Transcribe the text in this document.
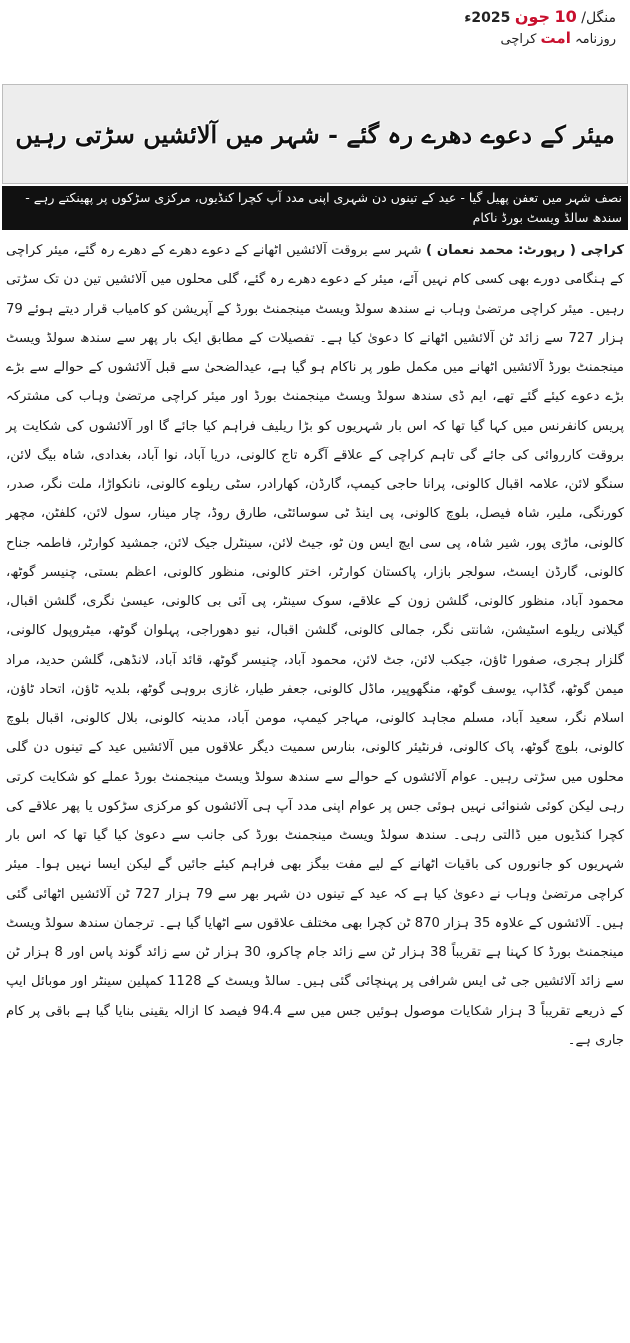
منگل/ 10 جون 2025ء
روزنامہ امت کراچی
میئر کے دعوے دھرے رہ گئے - شہر میں آلائشیں سڑتی رہیں
نصف شہر میں تعفن پھیل گیا - عید کے تینوں دن شہری اپنی مدد آپ کچرا کنڈیوں، مرکزی سڑکوں پر پھینکتے رہے - سندھ سالڈ ویسٹ بورڈ ناکام

کراچی ( رپورٹ: محمد نعمان ) شہر سے بروقت آلائشیں اٹھانے کے دعوے دھرے کے دھرے رہ گئے، میئر کراچی کے ہنگامی دورے بھی کسی کام نہیں آئے، میئر کے دعوے دھرے رہ گئے، گلی محلوں میں آلائشیں تین دن تک سڑتی رہیں۔ میئر کراچی مرتضیٰ وہاب نے سندھ سولڈ ویسٹ مینجمنٹ بورڈ کے آپریشن کو کامیاب قرار دیتے ہوئے 79 ہزار 727 سے زائد ٹن آلائشیں اٹھانے کا دعویٰ کیا ہے۔ تفصیلات کے مطابق ایک بار پھر سے سندھ سولڈ ویسٹ مینجمنٹ بورڈ آلائشیں اٹھانے میں مکمل طور پر ناکام ہو گیا ہے، عیدالضحیٰ سے قبل آلائشوں کے حوالے سے بڑے بڑے دعوے کیئے گئے تھے، ایم ڈی سندھ سولڈ ویسٹ مینجمنٹ بورڈ اور میئر کراچی مرتضیٰ وہاب کی مشترکہ پریس کانفرنس میں کہا گیا تھا کہ اس بار شہریوں کو بڑا ریلیف فراہم کیا جائے گا اور آلائشوں کی شکایت پر بروقت کارروائی کی جائے گی تاہم کراچی کے علاقے آگرہ تاج کالونی، دریا آباد، نوا آباد، بغدادی، شاہ بیگ لائن، سنگو لائن، علامہ اقبال کالونی، پرانا حاجی کیمپ، گارڈن، کھارادر، سٹی ریلوے کالونی، نانکواڑا، ملت نگر، صدر، کورنگی، ملیر، شاہ فیصل، بلوچ کالونی، پی اینڈ ٹی سوسائٹی، طارق روڈ، چار مینار، سول لائن، کلفٹن، مچھر کالونی، ماڑی پور، شیر شاہ، پی سی ایچ ایس ون ٹو، جیٹ لائن، سینٹرل جیک لائن، جمشید کوارٹر، فاطمہ جناح کالونی، گارڈن ایسٹ، سولجر بازار، پاکستان کوارٹر، اختر کالونی، منظور کالونی، اعظم بستی، چنیسر گوٹھ، محمود آباد، منظور کالونی، گلشن زون کے علاقے، سوک سینٹر، پی آئی بی کالونی، عیسیٰ نگری، گلشن اقبال، گیلانی ریلوے اسٹیشن، شانتی نگر، جمالی کالونی، گلشن اقبال، نیو دھوراجی، پہلوان گوٹھ، میٹروپول کالونی، گلزار ہجری، صفورا ٹاؤن، جیکب لائن، جٹ لائن، محمود آباد، چنیسر گوٹھ، قائد آباد، لانڈھی، گلشن حدید، مراد میمن گوٹھ، گڈاپ، یوسف گوٹھ، منگھوپیر، ماڈل کالونی، جعفر طیار، غازی بروہی گوٹھ، بلدیہ ٹاؤن، اتحاد ٹاؤن، اسلام نگر، سعید آباد، مسلم مجاہد کالونی، مہاجر کیمپ، مومن آباد، مدینہ کالونی، بلال کالونی، اقبال بلوچ کالونی، بلوچ گوٹھ، پاک کالونی، فرنٹیئر کالونی، بنارس سمیت دیگر علاقوں میں آلائشیں عید کے تینوں دن گلی محلوں میں سڑتی رہیں۔ عوام آلائشوں کے حوالے سے سندھ سولڈ ویسٹ مینجمنٹ بورڈ عملے کو شکایت کرتی رہی لیکن کوئی شنوائی نہیں ہوئی جس پر عوام اپنی مدد آپ ہی آلائشوں کو مرکزی سڑکوں یا پھر علاقے کی کچرا کنڈیوں میں ڈالتی رہی۔ سندھ سولڈ ویسٹ مینجمنٹ بورڈ کی جانب سے دعویٰ کیا گیا تھا کہ اس بار شہریوں کو جانوروں کی باقیات اٹھانے کے لیے مفت بیگز بھی فراہم کیئے جائیں گے لیکن ایسا نہیں ہوا۔ میئر کراچی مرتضیٰ وہاب نے دعویٰ کیا ہے کہ عید کے تینوں دن شہر بھر سے 79 ہزار 727 ٹن آلائشیں اٹھائی گئی ہیں۔ آلائشوں کے علاوہ 35 ہزار 870 ٹن کچرا بھی مختلف علاقوں سے اٹھایا گیا ہے۔ ترجمان سندھ سولڈ ویسٹ مینجمنٹ بورڈ کا کہنا ہے تقریباً 38 ہزار ٹن سے زائد جام چاکرو، 30 ہزار ٹن سے زائد گوند پاس اور 8 ہزار ٹن سے زائد آلائشیں جی ٹی ایس شرافی پر پہنچائی گئی ہیں۔ سالڈ ویسٹ کے 1128 کمپلین سینٹر اور موبائل ایپ کے ذریعے تقریباً 3 ہزار شکایات موصول ہوئیں جس میں سے 94.4 فیصد کا ازالہ یقینی بنایا گیا ہے باقی پر کام جاری ہے۔
